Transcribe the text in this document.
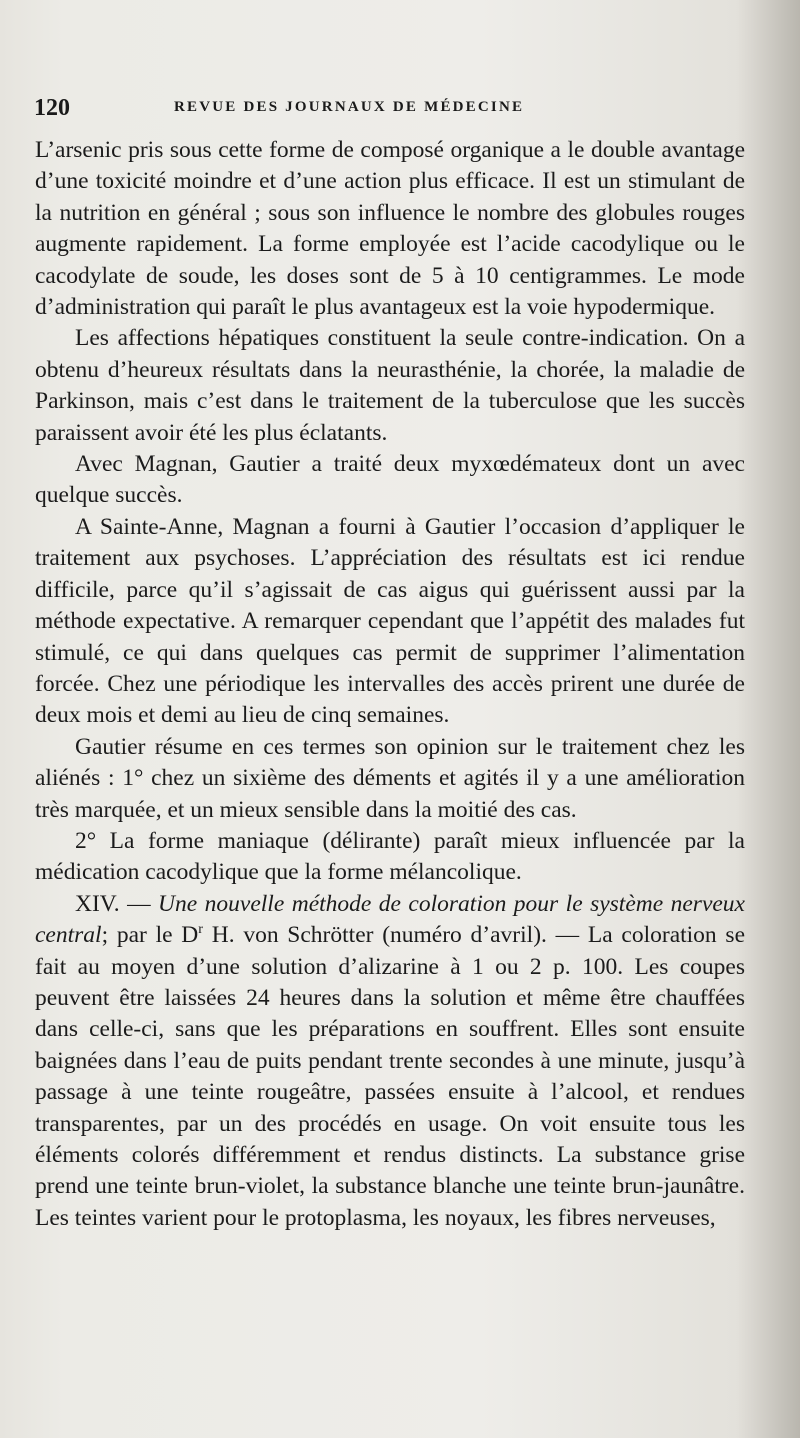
120	REVUE DES JOURNAUX DE MÉDECINE

L’arsenic pris sous cette forme de composé organique a le double avantage d’une toxicité moindre et d’une action plus efficace. Il est un stimulant de la nutrition en général ; sous son influence le nombre des globules rouges augmente rapidement. La forme employée est l’acide cacodylique ou le cacodylate de soude, les doses sont de 5 à 10 centigrammes. Le mode d’administration qui paraît le plus avantageux est la voie hypodermique.

Les affections hépatiques constituent la seule contre-indication. On a obtenu d’heureux résultats dans la neurasthénie, la chorée, la maladie de Parkinson, mais c’est dans le traitement de la tuberculose que les succès paraissent avoir été les plus éclatants.

Avec Magnan, Gautier a traité deux myxœdémateux dont un avec quelque succès.

A Sainte-Anne, Magnan a fourni à Gautier l’occasion d’appliquer le traitement aux psychoses. L’appréciation des résultats est ici rendue difficile, parce qu’il s’agissait de cas aigus qui guérissent aussi par la méthode expectative. A remarquer cependant que l’appétit des malades fut stimulé, ce qui dans quelques cas permit de supprimer l’alimentation forcée. Chez une périodique les intervalles des accès prirent une durée de deux mois et demi au lieu de cinq semaines.

Gautier résume en ces termes son opinion sur le traitement chez les aliénés : 1° chez un sixième des déments et agités il y a une amélioration très marquée, et un mieux sensible dans la moitié des cas.

2° La forme maniaque (délirante) paraît mieux influencée par la médication cacodylique que la forme mélancolique.

XIV. — Une nouvelle méthode de coloration pour le système nerveux central; par le $D^r$ H. von Schrötter (numéro d’avril). — La coloration se fait au moyen d’une solution d’alizarine à 1 ou 2 p. 100. Les coupes peuvent être laissées 24 heures dans la solution et même être chauffées dans celle-ci, sans que les préparations en souffrent. Elles sont ensuite baignées dans l’eau de puits pendant trente secondes à une minute, jusqu’à passage à une teinte rougeâtre, passées ensuite à l’alcool, et rendues transparentes, par un des procédés en usage. On voit ensuite tous les éléments colorés différemment et rendus distincts. La substance grise prend une teinte brun-violet, la substance blanche une teinte brun-jaunâtre. Les teintes varient pour le protoplasma, les noyaux, les fibres nerveuses,
